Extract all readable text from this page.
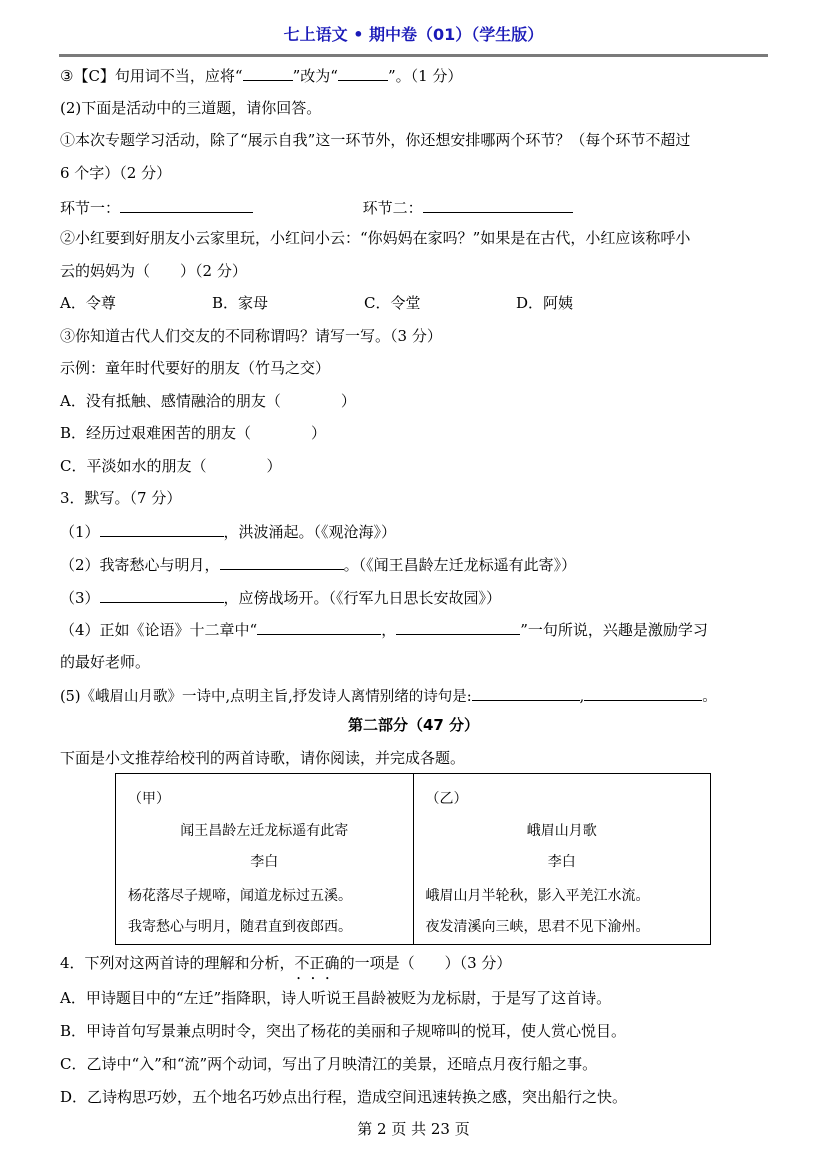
七上语文 • 期中卷（01）（学生版）
③【C】句用词不当，应将“	”改为“	”。（1 分）
(2)下面是活动中的三道题，请你回答。
①本次专题学习活动，除了“展示自我”这一环节外，你还想安排哪两个环节？（每个环节不超过
6 个字）（2 分）
环节一：	环节二：
②小红要到好朋友小云家里玩，小红问小云：“你妈妈在家吗？”如果是在古代，小红应该称呼小
云的妈妈为（　　）（2 分）
A．令尊	B．家母	C．令堂	D．阿姨
③你知道古代人们交友的不同称谓吗？请写一写。（3 分）
示例：童年时代要好的朋友（竹马之交）
A．没有抵触、感情融洽的朋友（　　　　）
B．经历过艰难困苦的朋友（　　　　）
C．平淡如水的朋友（　　　　）
3．默写。（7 分）
（1）	，洪波涌起。（《观沧海》）
（2）我寄愁心与明月，	。（《闻王昌龄左迁龙标遥有此寄》）
（3）	，应傍战场开。（《行军九日思长安故园》）
（4）正如《论语》十二章中“	，	”一句所说，兴趣是激励学习
的最好老师。
(5)《峨眉山月歌》一诗中,点明主旨,抒发诗人离情别绪的诗句是:	,	。
第二部分（47 分）
下面是小文推荐给校刊的两首诗歌，请你阅读，并完成各题。
（甲）
闻王昌龄左迁龙标遥有此寄
李白
杨花落尽子规啼，闻道龙标过五溪。
我寄愁心与明月，随君直到夜郎西。
（乙）
峨眉山月歌
李白
峨眉山月半轮秋，影入平羌江水流。
夜发清溪向三峡，思君不见下渝州。
4．下列对这两首诗的理解和分析，不正确 • • •的一项是（　　）（3 分）
A．甲诗题目中的“左迁”指降职，诗人听说王昌龄被贬为龙标尉，于是写了这首诗。
B．甲诗首句写景兼点明时令，突出了杨花的美丽和子规啼叫的悦耳，使人赏心悦目。
C．乙诗中“入”和“流”两个动词，写出了月映清江的美景，还暗点月夜行船之事。
D．乙诗构思巧妙，五个地名巧妙点出行程，造成空间迅速转换之感，突出船行之快。
第 2 页 共 23 页
